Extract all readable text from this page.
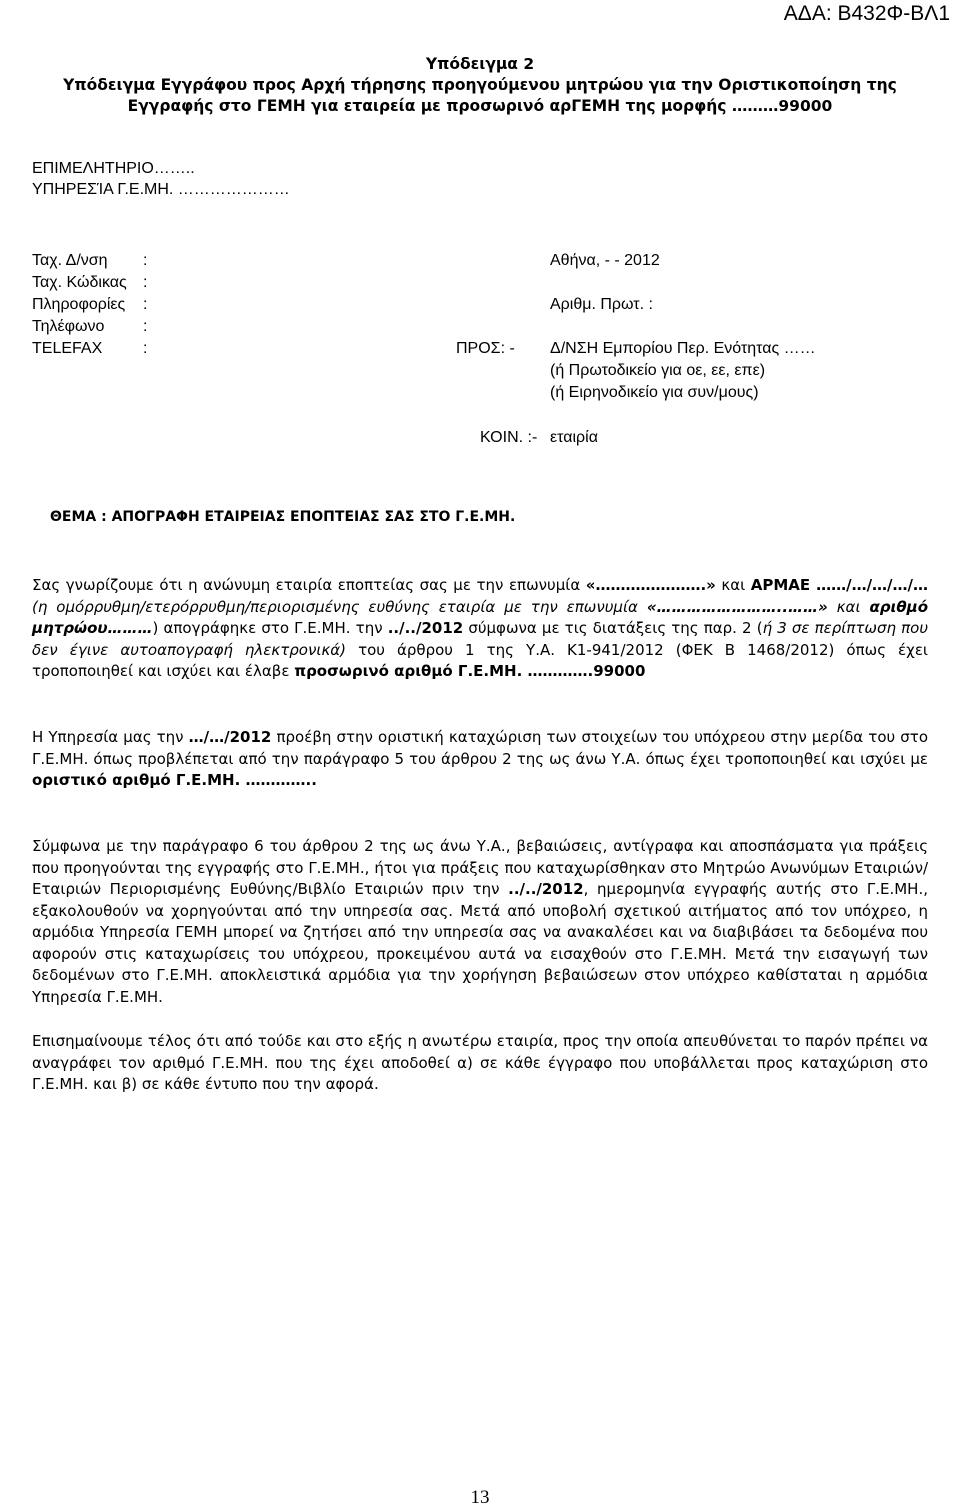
ΑΔΑ: Β432Φ-ΒΛ1
Υπόδειγμα 2
Υπόδειγμα Εγγράφου προς Αρχή τήρησης προηγούμενου μητρώου για την Οριστικοποίηση της
Εγγραφής στο ΓΕΜΗ για εταιρεία με προσωρινό αρΓΕΜΗ της μορφής ………99000
ΕΠΙΜΕΛΗΤΗΡΙΟ……..
ΥΠΗΡΕΣΊΑ Γ.Ε.ΜΗ. …………………
Ταχ. Δ/νση :
Ταχ. Κώδικας :
Πληροφορίες :
Τηλέφωνο :
TELEFAX	:
Αθήνα, - - 2012
Αριθμ. Πρωτ. :
ΠΡΟΣ: - Δ/ΝΣΗ Εμπορίου Περ. Ενότητας ……
(ή Πρωτοδικείο για οε, εε, επε)
(ή Ειρηνοδικείο για συν/μους)
ΚΟΙΝ. :- εταιρία
ΘΕΜΑ : ΑΠΟΓΡΑΦΗ ΕΤΑΙΡΕΙΑΣ ΕΠΟΠΤΕΙΑΣ ΣΑΣ ΣΤΟ Γ.Ε.ΜΗ.
Σας γνωρίζουμε ότι η ανώνυμη εταιρία εποπτείας σας με την επωνυμία «………………….» και ΑΡΜΑΕ ……/…/…/…/… (η ομόρρυθμη/ετερόρρυθμη/περιορισμένης ευθύνης εταιρία με την επωνυμία «……………………..……» και αριθμό μητρώου………) απογράφηκε στο Γ.Ε.ΜΗ. την ../../2012 σύμφωνα με τις διατάξεις της παρ. 2 (ή 3 σε περίπτωση που δεν έγινε αυτοαπογραφή ηλεκτρονικά) του άρθρου 1 της Υ.Α. Κ1-941/2012 (ΦΕΚ Β 1468/2012) όπως έχει τροποποιηθεί και ισχύει και έλαβε προσωρινό αριθμό Γ.Ε.ΜΗ. ………….99000
Η Υπηρεσία μας την …/…/2012 προέβη στην οριστική καταχώριση των στοιχείων του υπόχρεου στην μερίδα του στο Γ.Ε.ΜΗ. όπως προβλέπεται από την παράγραφο 5 του άρθρου 2 της ως άνω Υ.Α. όπως έχει τροποποιηθεί και ισχύει με οριστικό αριθμό Γ.Ε.ΜΗ. …………..
Σύμφωνα με την παράγραφο 6 του άρθρου 2 της ως άνω Υ.Α., βεβαιώσεις, αντίγραφα και αποσπάσματα για πράξεις που προηγούνται της εγγραφής στο Γ.Ε.ΜΗ., ήτοι για πράξεις που καταχωρίσθηκαν στο Μητρώο Ανωνύμων Εταιριών/Εταιριών Περιορισμένης Ευθύνης/Βιβλίο Εταιριών πριν την ../../2012, ημερομηνία εγγραφής αυτής στο Γ.Ε.ΜΗ., εξακολουθούν να χορηγούνται από την υπηρεσία σας. Μετά από υποβολή σχετικού αιτήματος από τον υπόχρεο, η αρμόδια Υπηρεσία ΓΕΜΗ μπορεί να ζητήσει από την υπηρεσία σας να ανακαλέσει και να διαβιβάσει τα δεδομένα που αφορούν στις καταχωρίσεις του υπόχρεου, προκειμένου αυτά να εισαχθούν στο Γ.Ε.ΜΗ. Μετά την εισαγωγή των δεδομένων στο Γ.Ε.ΜΗ. αποκλειστικά αρμόδια για την χορήγηση βεβαιώσεων στον υπόχρεο καθίσταται η αρμόδια Υπηρεσία Γ.Ε.ΜΗ.
Επισημαίνουμε τέλος ότι από τούδε και στο εξής η ανωτέρω εταιρία, προς την οποία απευθύνεται το παρόν πρέπει να αναγράφει τον αριθμό Γ.Ε.ΜΗ. που της έχει αποδοθεί α) σε κάθε έγγραφο που υποβάλλεται προς καταχώριση στο Γ.Ε.ΜΗ. και β) σε κάθε έντυπο που την αφορά.
13
